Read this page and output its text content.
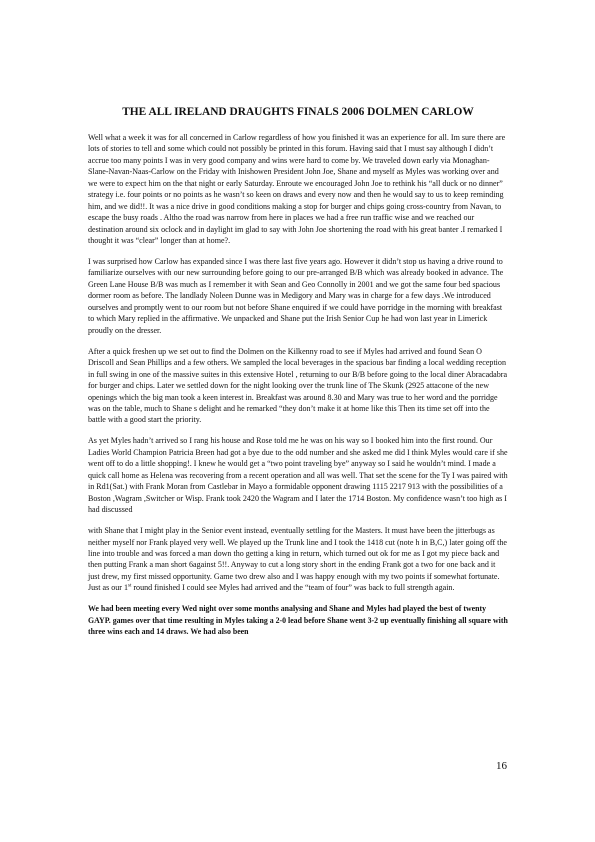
THE ALL IRELAND DRAUGHTS FINALS 2006 DOLMEN CARLOW

Well what a week it was for all concerned in Carlow regardless of how you finished it was an experience for all. Im sure there are lots of stories to tell and some which could not possibly be printed in this forum. Having said that I must say although I didn’t accrue too many points I was in very good company and wins were hard to come by. We traveled down early via Monaghan-Slane-Navan-Naas-Carlow on the Friday with Inishowen President John Joe, Shane and myself as Myles was working over and we were to expect him on the that night or early Saturday. Enroute we encouraged John Joe to rethink his “all duck or no dinner” strategy i.e. four points or no points as he wasn’t so keen on draws and every now and then he would say to us to keep reminding him, and we did!!. It was a nice drive in good conditions making a stop for burger and chips going cross-country from Navan, to escape the busy roads . Altho the road was narrow from here in places we had a free run traffic wise and we reached our destination around six oclock and in daylight im glad to say with John Joe shortening the road with his great banter .I remarked I thought it was “clear” longer than at home?.

I was surprised how Carlow has expanded since I was there last five years ago. However it didn’t stop us having a drive round to familiarize ourselves with our new surrounding before going to our pre-arranged B/B which was already booked in advance. The Green Lane House B/B was much as I remember it with Sean and Geo Connolly in 2001 and we got the same four bed spacious dormer room as before. The landlady Noleen Dunne was in Medigory and Mary was in charge for a few days .We introduced ourselves and promptly went to our room but not before Shane enquired if we could have porridge in the morning with breakfast to which Mary replied in the affirmative. We unpacked and Shane put the Irish Senior Cup he had won last year in Limerick proudly on the dresser.

After a quick freshen up we set out to find the Dolmen on the Kilkenny road to see if Myles had arrived and found Sean O Driscoll and Sean Phillips and a few others. We sampled the local beverages in the spacious bar finding a local wedding reception in full swing in one of the massive suites in this extensive Hotel , returning to our B/B before going to the local diner Abracadabra for burger and chips. Later we settled down for the night looking over the trunk line of The Skunk (2925 attacone of the new openings which the big man took a keen interest in. Breakfast was around 8.30 and Mary was true to her word and the porridge was on the table, much to Shane s delight and he remarked “they don’t make it at home like this Then its time set off into the battle with a good start the priority.

As yet Myles hadn’t arrived so I rang his house and Rose told me he was on his way so I booked him into the first round. Our Ladies World Champion Patricia Breen had got a bye due to the odd number and she asked me did I think Myles would care if she went off to do a little shopping!. I knew he would get a “two point traveling bye” anyway so I said he wouldn’t mind. I made a quick call home as Helena was recovering from a recent operation and all was well. That set the scene for the Ty I was paired with in Rd1(Sat.) with Frank Moran from Castlebar in Mayo a formidable opponent drawing 1115 2217 913 with the possibilities of a Boston ,Wagram ,Switcher or Wisp. Frank took 2420 the Wagram and I later the 1714 Boston. My confidence wasn’t too high as I had discussed

with Shane that I might play in the Senior event instead, eventually settling for the Masters. It must have been the jitterbugs as neither myself nor Frank played very well. We played up the Trunk line and I took the 1418 cut (note h in B,C,) later going off the line into trouble and was forced a man down tho getting a king in return, which turned out ok for me as I got my piece back and then putting Frank a man short 6against 5!!. Anyway to cut a long story short in the ending Frank got a two for one back and it just drew, my first missed opportunity. Game two drew also and I was happy enough with my two points if somewhat fortunate. Just as our 1st round finished I could see Myles had arrived and the “team of four” was back to full strength again.

We had been meeting every Wed night over some months analysing and Shane and Myles had played the best of twenty GAYP. games over that time resulting in Myles taking a 2-0 lead before Shane went 3-2 up eventually finishing all square with three wins each and 14 draws. We had also been

16
